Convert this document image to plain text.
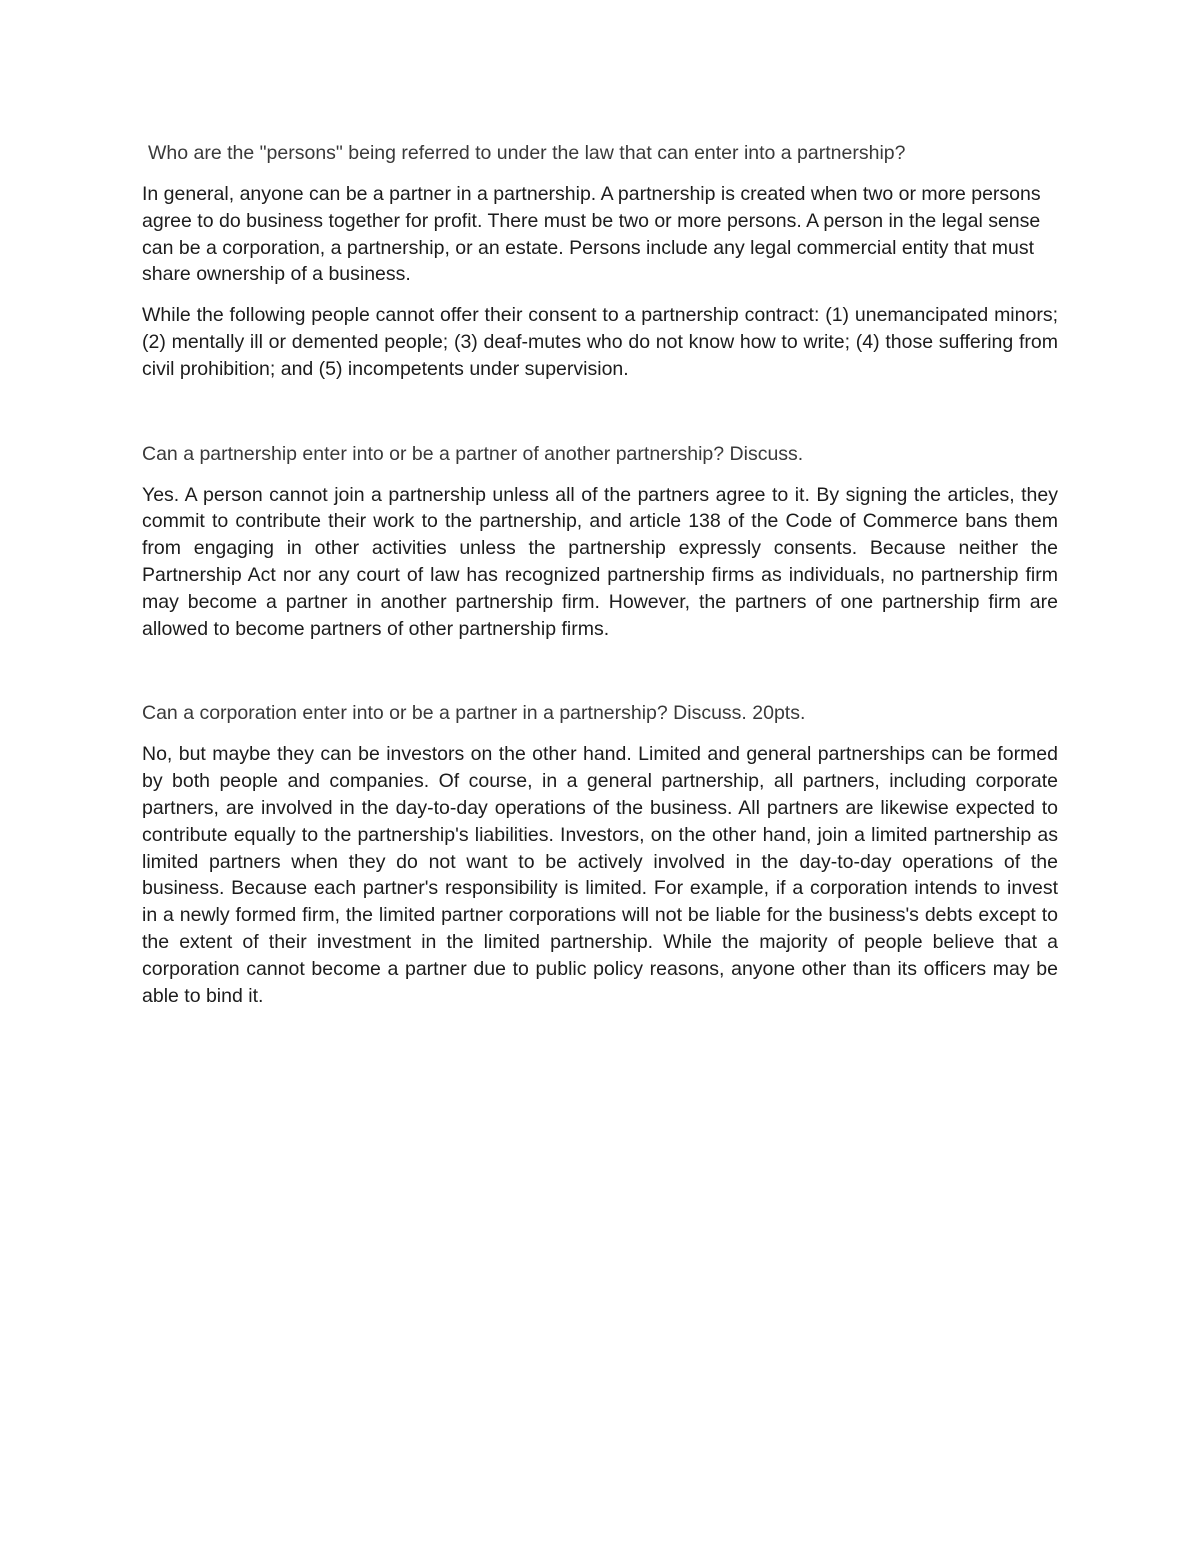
Who are the "persons" being referred to under the law that can enter into a partnership?

In general, anyone can be a partner in a partnership. A partnership is created when two or more persons agree to do business together for profit. There must be two or more persons. A person in the legal sense can be a corporation, a partnership, or an estate. Persons include any legal commercial entity that must share ownership of a business.

While the following people cannot offer their consent to a partnership contract: (1) unemancipated minors; (2) mentally ill or demented people; (3) deaf-mutes who do not know how to write; (4) those suffering from civil prohibition; and (5) incompetents under supervision.

Can a partnership enter into or be a partner of another partnership? Discuss.

Yes. A person cannot join a partnership unless all of the partners agree to it. By signing the articles, they commit to contribute their work to the partnership, and article 138 of the Code of Commerce bans them from engaging in other activities unless the partnership expressly consents. Because neither the Partnership Act nor any court of law has recognized partnership firms as individuals, no partnership firm may become a partner in another partnership firm. However, the partners of one partnership firm are allowed to become partners of other partnership firms.

Can a corporation enter into or be a partner in a partnership? Discuss. 20pts.

No, but maybe they can be investors on the other hand. Limited and general partnerships can be formed by both people and companies. Of course, in a general partnership, all partners, including corporate partners, are involved in the day-to-day operations of the business. All partners are likewise expected to contribute equally to the partnership's liabilities. Investors, on the other hand, join a limited partnership as limited partners when they do not want to be actively involved in the day-to-day operations of the business. Because each partner's responsibility is limited. For example, if a corporation intends to invest in a newly formed firm, the limited partner corporations will not be liable for the business's debts except to the extent of their investment in the limited partnership. While the majority of people believe that a corporation cannot become a partner due to public policy reasons, anyone other than its officers may be able to bind it.
